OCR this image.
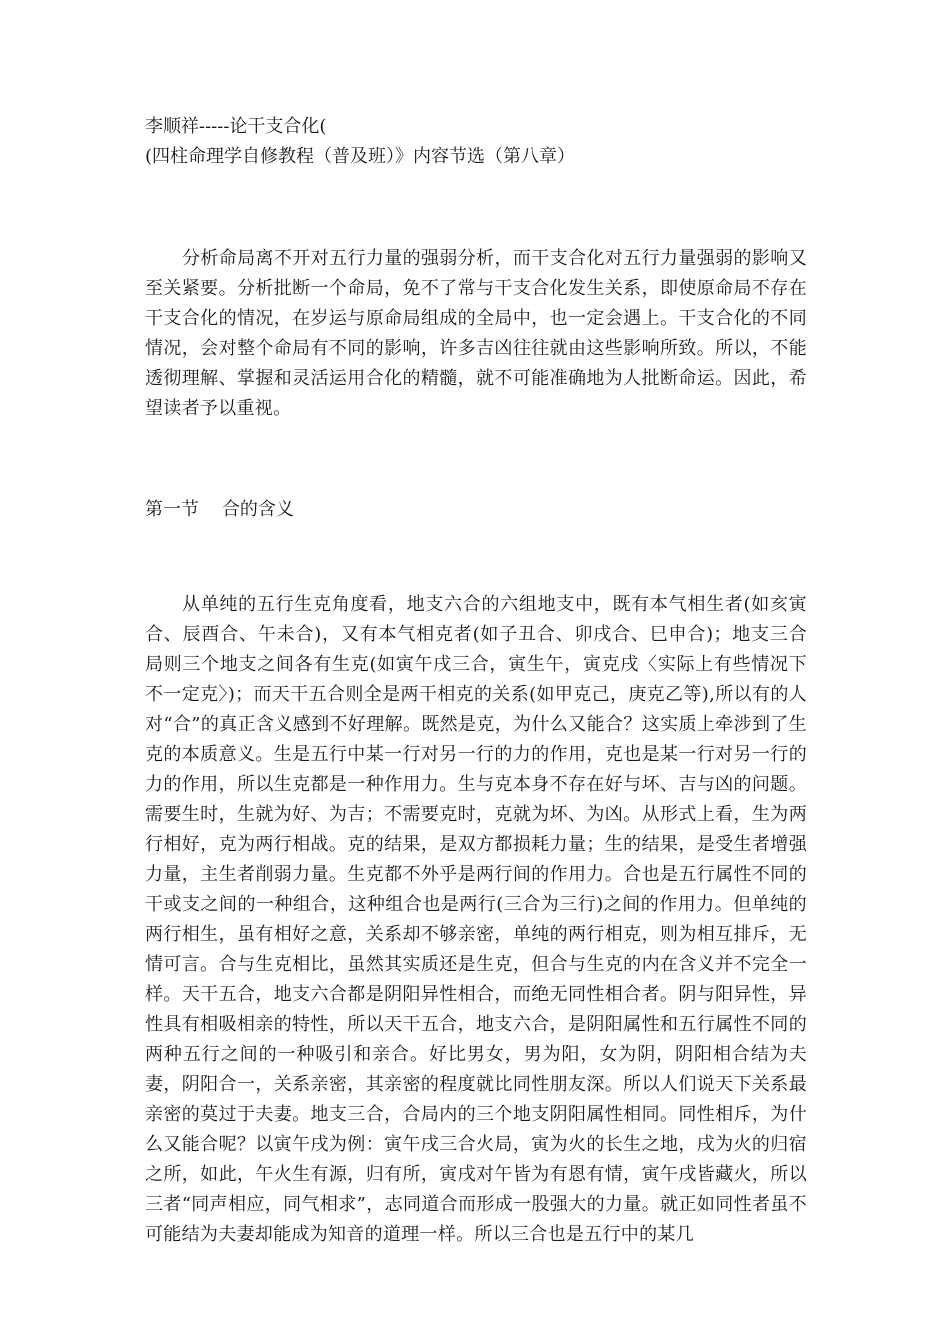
李顺祥-----论干支合化(

(四柱命理学自修教程（普及班）》内容节选（第八章）

分析命局离不开对五行力量的强弱分析，而干支合化对五行力量强弱的影响又至关紧要。分析批断一个命局，免不了常与干支合化发生关系，即使原命局不存在干支合化的情况，在岁运与原命局组成的全局中，也一定会遇上。干支合化的不同情况，会对整个命局有不同的影响，许多吉凶往往就由这些影响所致。所以，不能透彻理解、掌握和灵活运用合化的精髓，就不可能准确地为人批断命运。因此，希望读者予以重视。

第一节    合的含义

从单纯的五行生克角度看，地支六合的六组地支中，既有本气相生者(如亥寅合、辰酉合、午未合)，又有本气相克者(如子丑合、卯戌合、巳申合)；地支三合局则三个地支之间各有生克(如寅午戌三合，寅生午，寅克戌〈实际上有些情况下不一定克〉)；而天干五合则全是两干相克的关系(如甲克己，庚克乙等),所以有的人对“合”的真正含义感到不好理解。既然是克，为什么又能合？这实质上牵涉到了生克的本质意义。生是五行中某一行对另一行的力的作用，克也是某一行对另一行的力的作用，所以生克都是一种作用力。生与克本身不存在好与坏、吉与凶的问题。需要生时，生就为好、为吉；不需要克时，克就为坏、为凶。从形式上看，生为两行相好，克为两行相战。克的结果，是双方都损耗力量；生的结果，是受生者增强力量，主生者削弱力量。生克都不外乎是两行间的作用力。合也是五行属性不同的干或支之间的一种组合，这种组合也是两行(三合为三行)之间的作用力。但单纯的两行相生，虽有相好之意，关系却不够亲密，单纯的两行相克，则为相互排斥，无情可言。合与生克相比，虽然其实质还是生克，但合与生克的内在含义并不完全一样。天干五合，地支六合都是阴阳异性相合，而绝无同性相合者。阴与阳异性，异性具有相吸相亲的特性，所以天干五合，地支六合，是阴阳属性和五行属性不同的两种五行之间的一种吸引和亲合。好比男女，男为阳，女为阴，阴阳相合结为夫妻，阴阳合一，关系亲密，其亲密的程度就比同性朋友深。所以人们说天下关系最亲密的莫过于夫妻。地支三合，合局内的三个地支阴阳属性相同。同性相斥，为什么又能合呢？以寅午戌为例：寅午戌三合火局，寅为火的长生之地，戌为火的归宿之所，如此，午火生有源，归有所，寅戌对午皆为有恩有情，寅午戌皆藏火，所以三者“同声相应，同气相求”，志同道合而形成一股强大的力量。就正如同性者虽不可能结为夫妻却能成为知音的道理一样。所以三合也是五行中的某几
